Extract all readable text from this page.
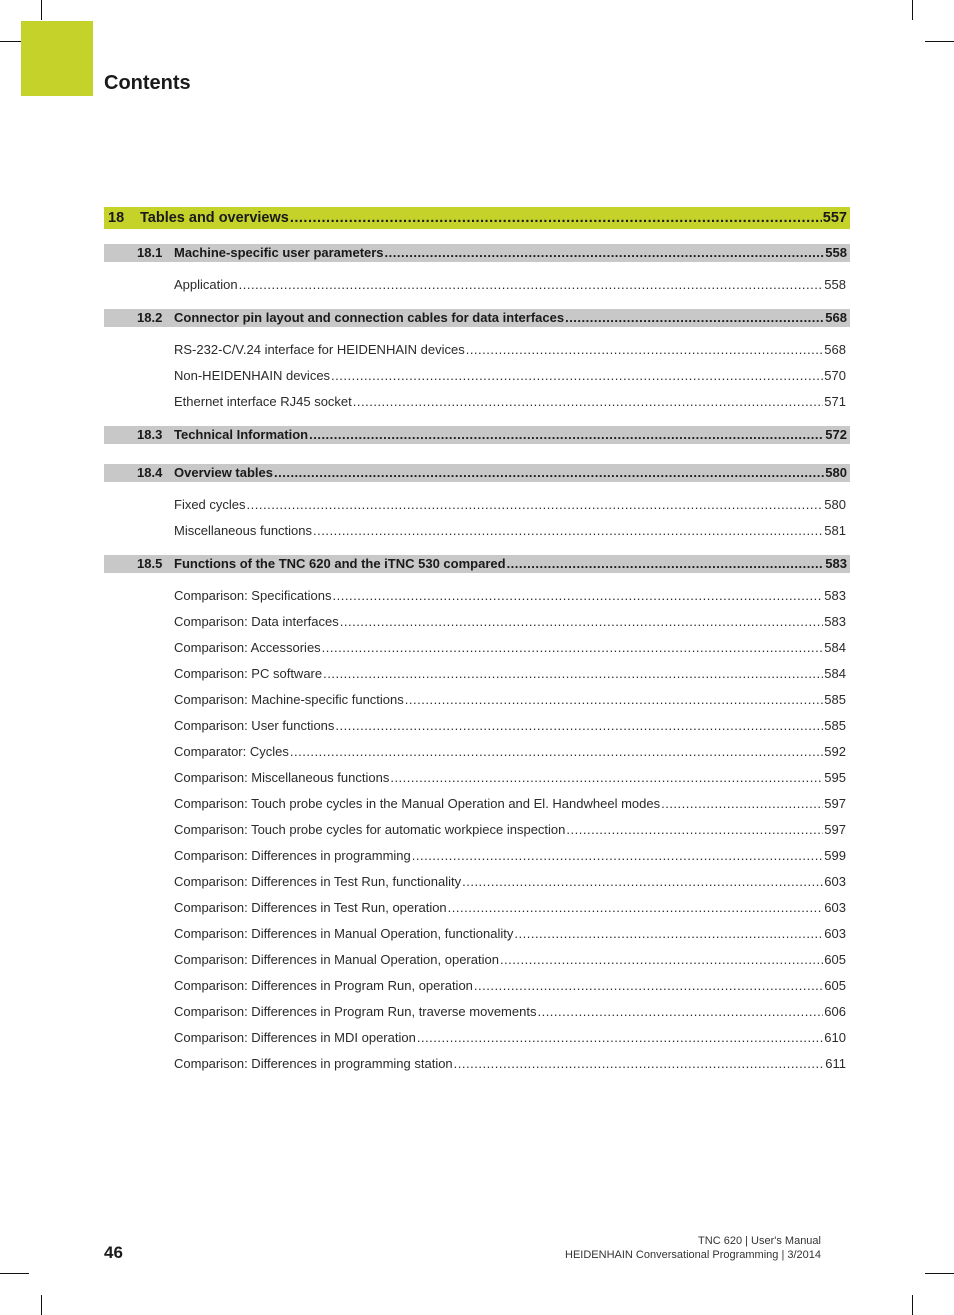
Contents
18	Tables and overviews .....	557
18.1 Machine-specific user parameters .....	558
Application .....	558
18.2 Connector pin layout and connection cables for data interfaces .....	568
RS-232-C/V.24 interface for HEIDENHAIN devices .....	568
Non-HEIDENHAIN devices .....	570
Ethernet interface RJ45 socket .....	571
18.3 Technical Information .....	572
18.4 Overview tables .....	580
Fixed cycles .....	580
Miscellaneous functions .....	581
18.5 Functions of the TNC 620 and the iTNC 530 compared .....	583
Comparison: Specifications .....	583
Comparison: Data interfaces .....	583
Comparison: Accessories .....	584
Comparison: PC software .....	584
Comparison: Machine-specific functions .....	585
Comparison: User functions .....	585
Comparator: Cycles .....	592
Comparison: Miscellaneous functions .....	595
Comparison: Touch probe cycles in the Manual Operation and El. Handwheel modes .....	597
Comparison: Touch probe cycles for automatic workpiece inspection .....	597
Comparison: Differences in programming .....	599
Comparison: Differences in Test Run, functionality .....	603
Comparison: Differences in Test Run, operation .....	603
Comparison: Differences in Manual Operation, functionality .....	603
Comparison: Differences in Manual Operation, operation .....	605
Comparison: Differences in Program Run, operation .....	605
Comparison: Differences in Program Run, traverse movements .....	606
Comparison: Differences in MDI operation .....	610
Comparison: Differences in programming station .....	611
46
TNC 620 | User's Manual
HEIDENHAIN Conversational Programming | 3/2014
